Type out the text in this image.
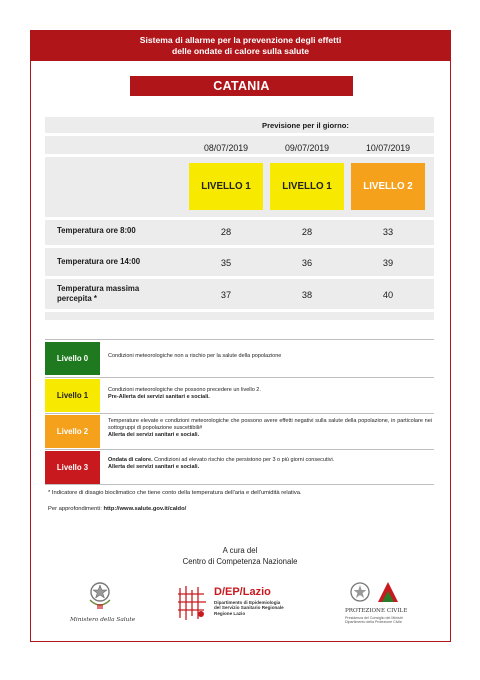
Sistema di allarme per la prevenzione degli effetti
delle ondate di calore sulla salute
CATANIA
Previsione per il giorno:
08/07/2019	09/07/2019	10/07/2019
LIVELLO 1	LIVELLO 1	LIVELLO 2
Temperatura ore 8:00	28	28	33
Temperatura ore 14:00	35	36	39
Temperatura massima
percepita *	37	38	40
Livello 0	Condizioni meteorologiche non a rischio per la salute della popolazione
Livello 1
Condizioni meteorologiche che possono precedere un livello 2.
Pre-Allerta dei servizi sanitari e sociali.
Livello 2
Temperature elevate e condizioni meteorologiche che possono avere effetti negativi sulla salute della popolazione, in particolare nei sottogruppi di popolazione suscettibili#
Allerta dei servizi sanitari e sociali.
Livello 3
Ondata di calore. Condizioni ad elevato rischio che persistono per 3 o più giorni consecutivi.
Allerta dei servizi sanitari e sociali.
* Indicatore di disagio bioclimatico che tiene conto della temperatura dell'aria e dell'umidità relativa.
Per approfondimenti: http://www.salute.gov.it/caldo/
A cura del
Centro di Competenza Nazionale
Ministero della Salute
D/EP/Lazio
Dipartimento di Epidemiologia
del Servizio Sanitario Regionale
Regione Lazio	PROTEZIONE CIVILE
Presidenza del Consiglio dei Ministri
Dipartimento della Protezione Civile
